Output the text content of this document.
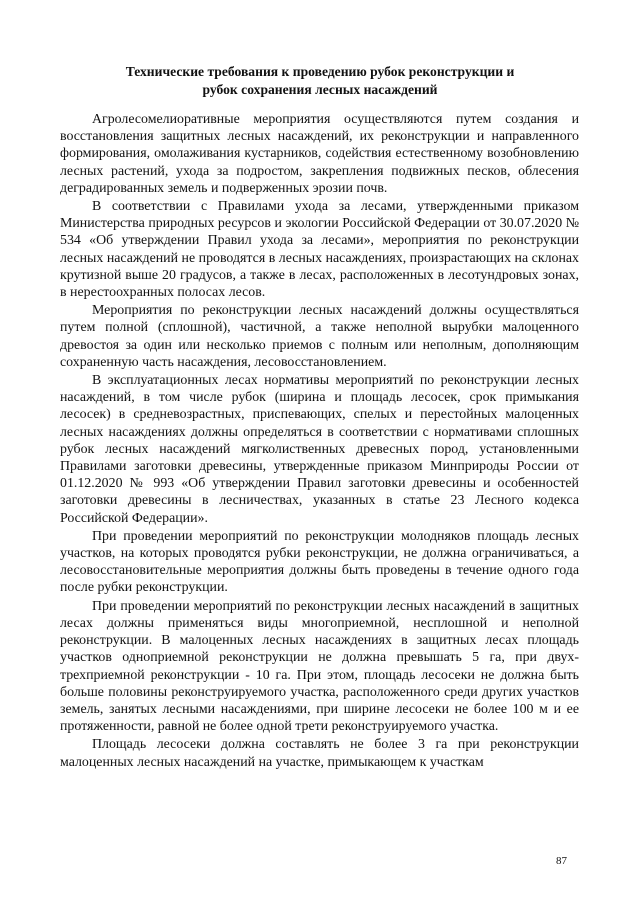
Технические требования к проведению рубок реконструкции и
рубок сохранения лесных насаждений

Агролесомелиоративные мероприятия осуществляются путем создания и восстановления защитных лесных насаждений, их реконструкции и направленного формирования, омолаживания кустарников, содействия естественному возобновлению лесных растений, ухода за подростом, закрепления подвижных песков, облесения деградированных земель и подверженных эрозии почв.

В соответствии с Правилами ухода за лесами, утвержденными приказом Министерства природных ресурсов и экологии Российской Федерации от 30.07.2020 № 534 «Об утверждении Правил ухода за лесами», мероприятия по реконструкции лесных насаждений не проводятся в лесных насаждениях, произрастающих на склонах крутизной выше 20 градусов, а также в лесах, расположенных в лесотундровых зонах, в нерестоохранных полосах лесов.

Мероприятия по реконструкции лесных насаждений должны осуществляться путем полной (сплошной), частичной, а также неполной вырубки малоценного древостоя за один или несколько приемов с полным или неполным, дополняющим сохраненную часть насаждения, лесовосстановлением.

В эксплуатационных лесах нормативы мероприятий по реконструкции лесных насаждений, в том числе рубок (ширина и площадь лесосек, срок примыкания лесосек) в средневозрастных, приспевающих, спелых и перестойных малоценных лесных насаждениях должны определяться в соответствии с нормативами сплошных рубок лесных насаждений мягколиственных древесных пород, установленными Правилами заготовки древесины, утвержденные приказом Минприроды России от 01.12.2020 № 993 «Об утверждении Правил заготовки древесины и особенностей заготовки древесины в лесничествах, указанных в статье 23 Лесного кодекса Российской Федерации».

При проведении мероприятий по реконструкции молодняков площадь лесных участков, на которых проводятся рубки реконструкции, не должна ограничиваться, а лесовосстановительные мероприятия должны быть проведены в течение одного года после рубки реконструкции.

При проведении мероприятий по реконструкции лесных насаждений в защитных лесах должны применяться виды многоприемной, несплошной и неполной реконструкции. В малоценных лесных насаждениях в защитных лесах площадь участков однoприемной реконструкции не должна превышать 5 га, при двух-трехприемной реконструкции - 10 га. При этом, площадь лесосеки не должна быть больше половины реконструируемого участка, расположенного среди других участков земель, занятых лесными насаждениями, при ширине лесосеки не более 100 м и ее протяженности, равной не более одной трети реконструируемого участка.

Площадь лесосеки должна составлять не более 3 га при реконструкции малоценных лесных насаждений на участке, примыкающем к участкам

87
